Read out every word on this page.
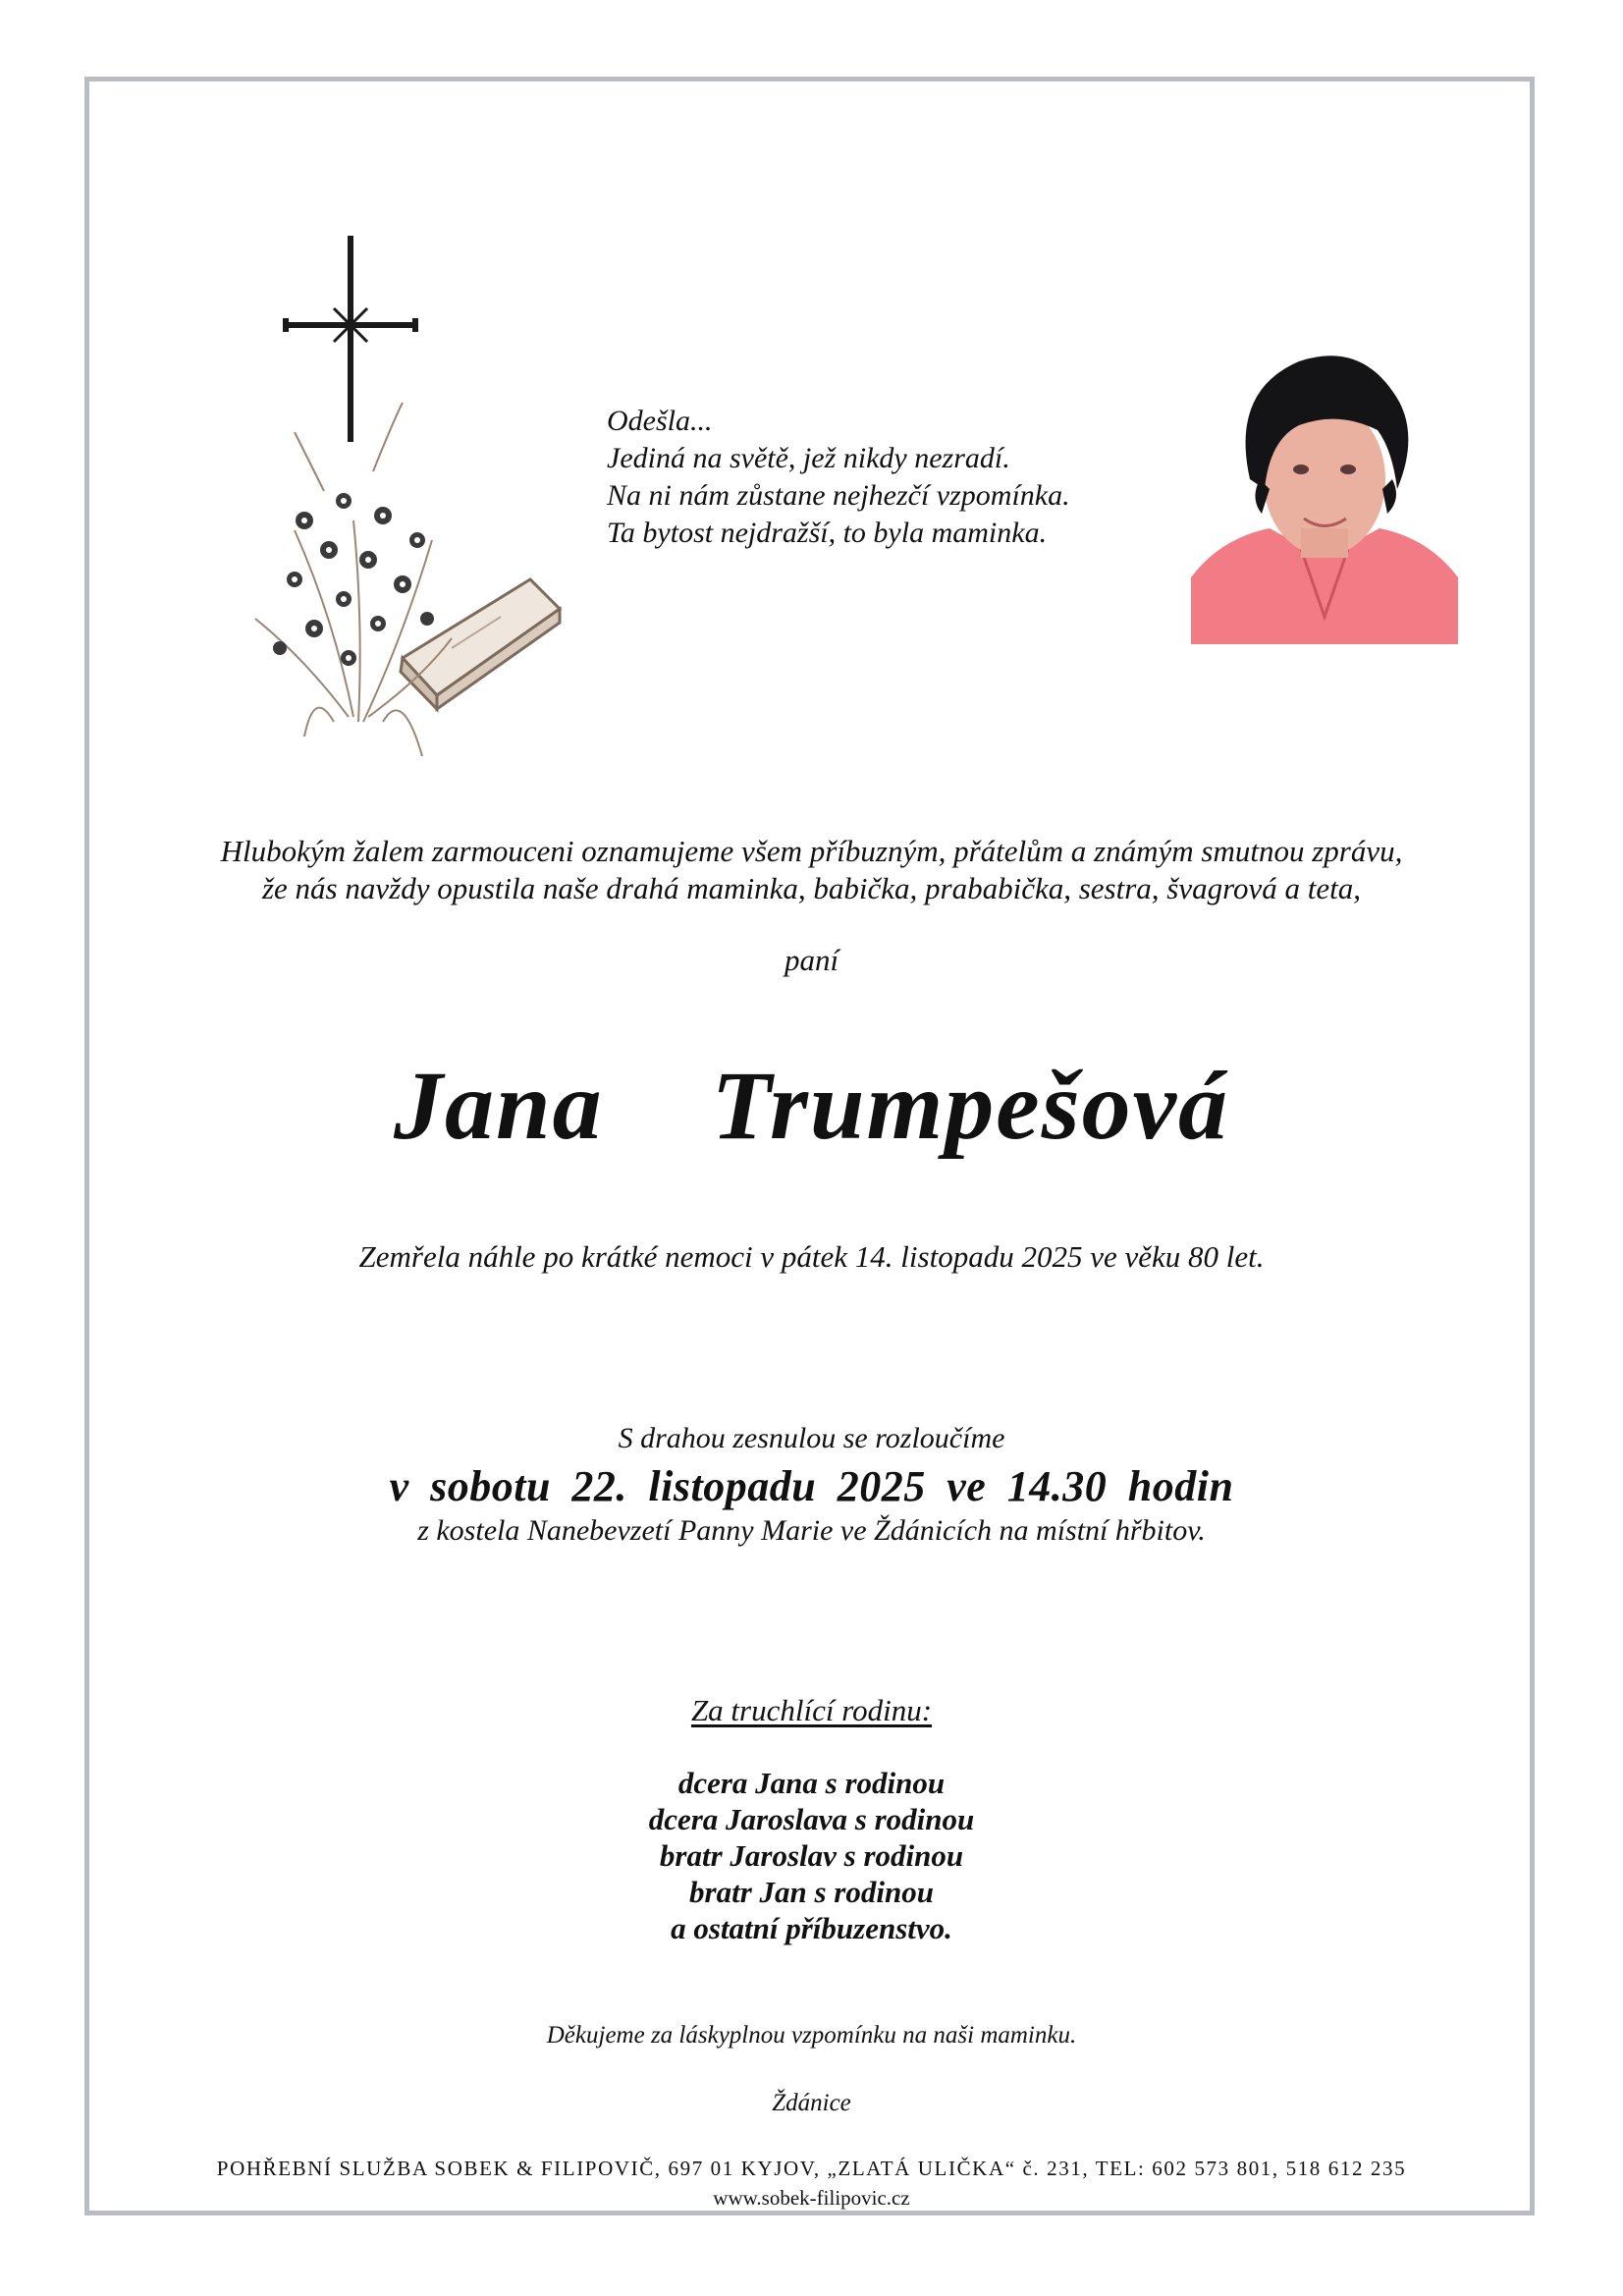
Odešla...
Jediná na světě, jež nikdy nezradí.
Na ni nám zůstane nejhezčí vzpomínka.
Ta bytost nejdražší, to byla maminka.
Hlubokým žalem zarmouceni oznamujeme všem příbuzným, přátelům a známým smutnou zprávu,
že nás navždy opustila naše drahá maminka, babička, prababička, sestra, švagrová a teta,
paní
Jana  Trumpešová
Zemřela náhle po krátké nemoci v pátek 14. listopadu 2025 ve věku 80 let.
S drahou zesnulou se rozloučíme
v sobotu 22. listopadu 2025 ve 14.30 hodin
z kostela Nanebevzetí Panny Marie ve Ždánicích na místní hřbitov.
Za truchlící rodinu:
dcera Jana s rodinou
dcera Jaroslava s rodinou
bratr Jaroslav s rodinou
bratr Jan s rodinou
a ostatní příbuzenstvo.
Děkujeme za láskyplnou vzpomínku na naši maminku.
Ždánice
POHŘEBNÍ SLUŽBA SOBEK & FILIPOVIČ, 697 01 KYJOV, „ZLATÁ ULIČKA“ č. 231, TEL: 602 573 801, 518 612 235
www.sobek-filipovic.cz
